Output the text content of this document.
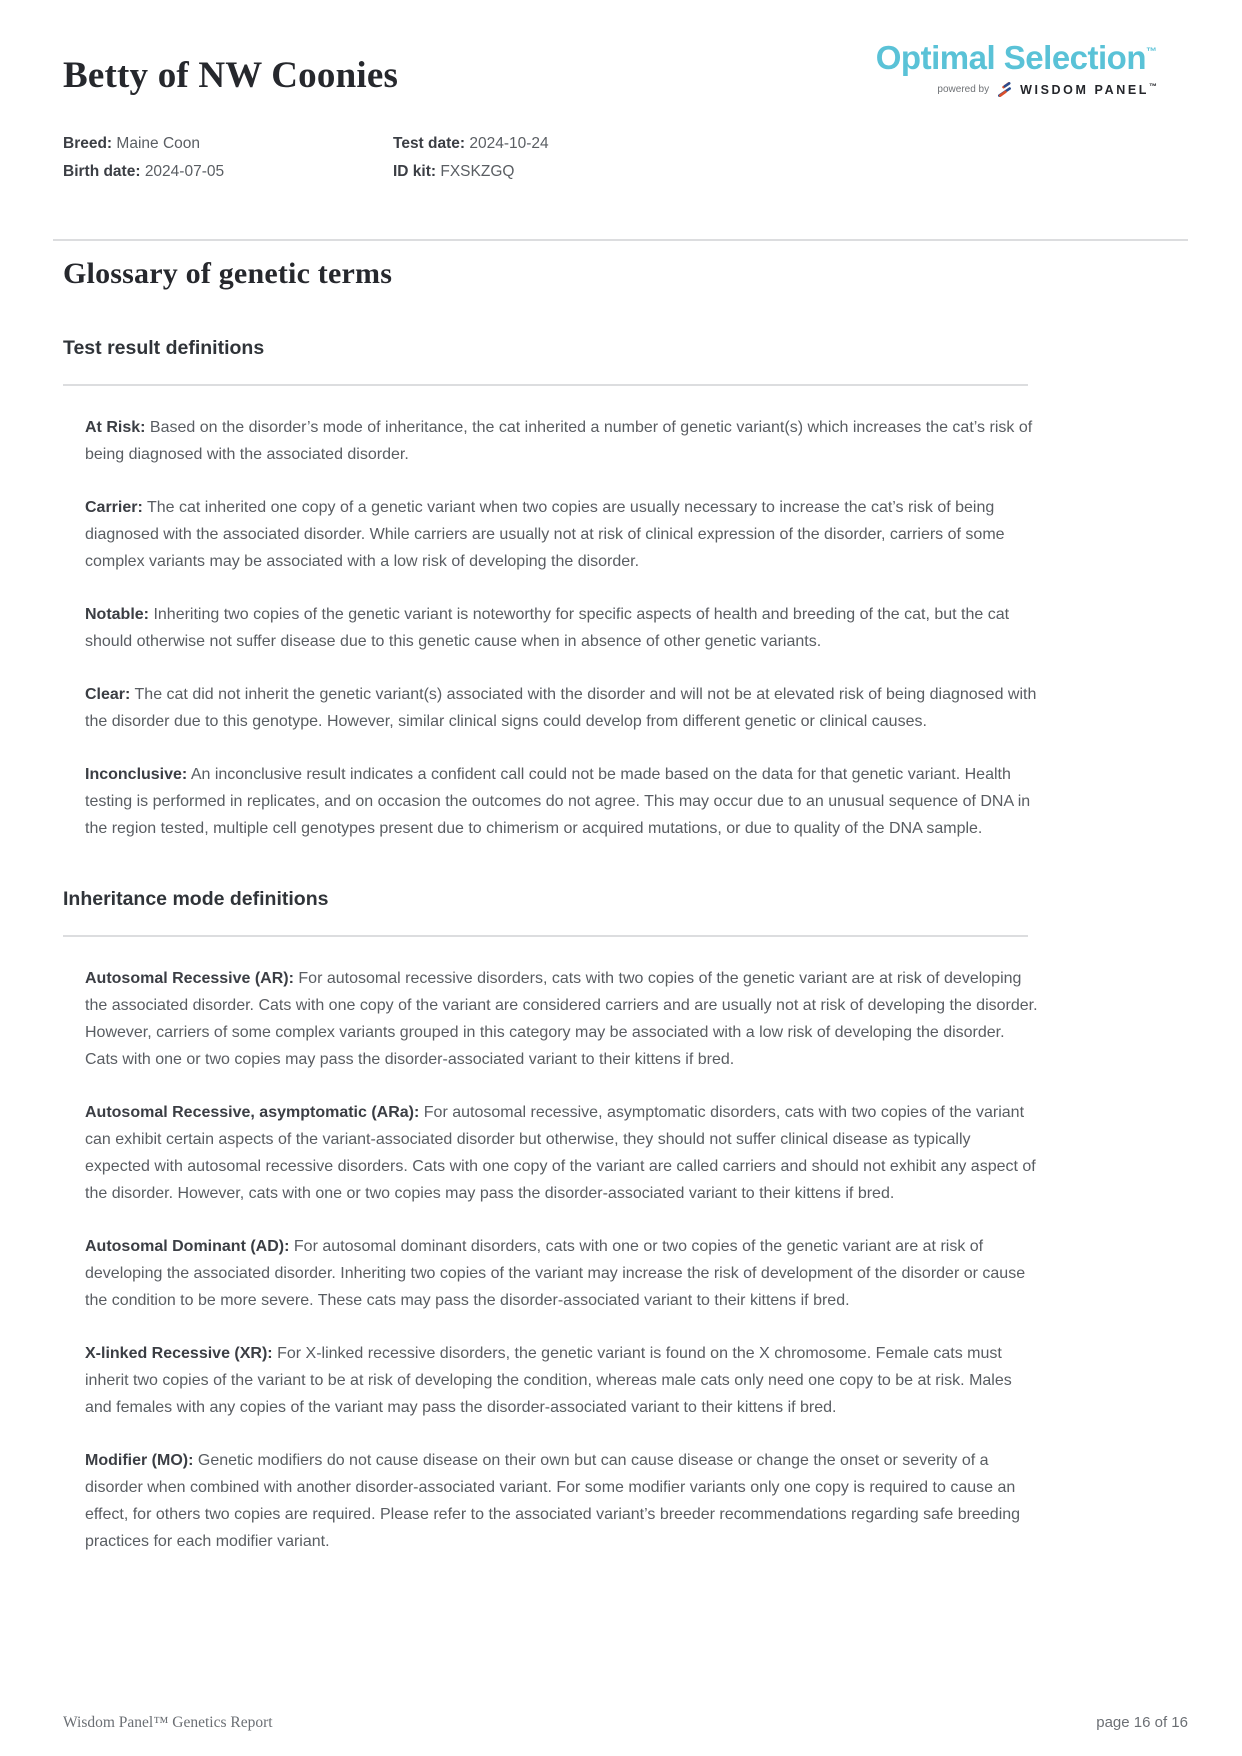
Optimal Selection™
powered by WISDOM PANEL™
Betty of NW Coonies
Breed: Maine Coon	Test date: 2024-10-24
Birth date: 2024-07-05	ID kit: FXSKZGQ
Glossary of genetic terms
Test result definitions

At Risk: Based on the disorder’s mode of inheritance, the cat inherited a number of genetic variant(s) which increases the cat’s risk of being diagnosed with the associated disorder.

Carrier: The cat inherited one copy of a genetic variant when two copies are usually necessary to increase the cat’s risk of being diagnosed with the associated disorder. While carriers are usually not at risk of clinical expression of the disorder, carriers of some complex variants may be associated with a low risk of developing the disorder.

Notable: Inheriting two copies of the genetic variant is noteworthy for specific aspects of health and breeding of the cat, but the cat should otherwise not suffer disease due to this genetic cause when in absence of other genetic variants.

Clear: The cat did not inherit the genetic variant(s) associated with the disorder and will not be at elevated risk of being diagnosed with the disorder due to this genotype. However, similar clinical signs could develop from different genetic or clinical causes.

Inconclusive: An inconclusive result indicates a confident call could not be made based on the data for that genetic variant. Health testing is performed in replicates, and on occasion the outcomes do not agree. This may occur due to an unusual sequence of DNA in the region tested, multiple cell genotypes present due to chimerism or acquired mutations, or due to quality of the DNA sample.

Inheritance mode definitions

Autosomal Recessive (AR): For autosomal recessive disorders, cats with two copies of the genetic variant are at risk of developing the associated disorder. Cats with one copy of the variant are considered carriers and are usually not at risk of developing the disorder. However, carriers of some complex variants grouped in this category may be associated with a low risk of developing the disorder. Cats with one or two copies may pass the disorder-associated variant to their kittens if bred.

Autosomal Recessive, asymptomatic (ARa): For autosomal recessive, asymptomatic disorders, cats with two copies of the variant can exhibit certain aspects of the variant-associated disorder but otherwise, they should not suffer clinical disease as typically expected with autosomal recessive disorders. Cats with one copy of the variant are called carriers and should not exhibit any aspect of the disorder. However, cats with one or two copies may pass the disorder-associated variant to their kittens if bred.

Autosomal Dominant (AD): For autosomal dominant disorders, cats with one or two copies of the genetic variant are at risk of developing the associated disorder. Inheriting two copies of the variant may increase the risk of development of the disorder or cause the condition to be more severe. These cats may pass the disorder-associated variant to their kittens if bred.

X-linked Recessive (XR): For X-linked recessive disorders, the genetic variant is found on the X chromosome. Female cats must inherit two copies of the variant to be at risk of developing the condition, whereas male cats only need one copy to be at risk. Males and females with any copies of the variant may pass the disorder-associated variant to their kittens if bred.

Modifier (MO): Genetic modifiers do not cause disease on their own but can cause disease or change the onset or severity of a disorder when combined with another disorder-associated variant. For some modifier variants only one copy is required to cause an effect, for others two copies are required. Please refer to the associated variant’s breeder recommendations regarding safe breeding practices for each modifier variant.

Wisdom Panel™ Genetics Report	page 16 of 16
